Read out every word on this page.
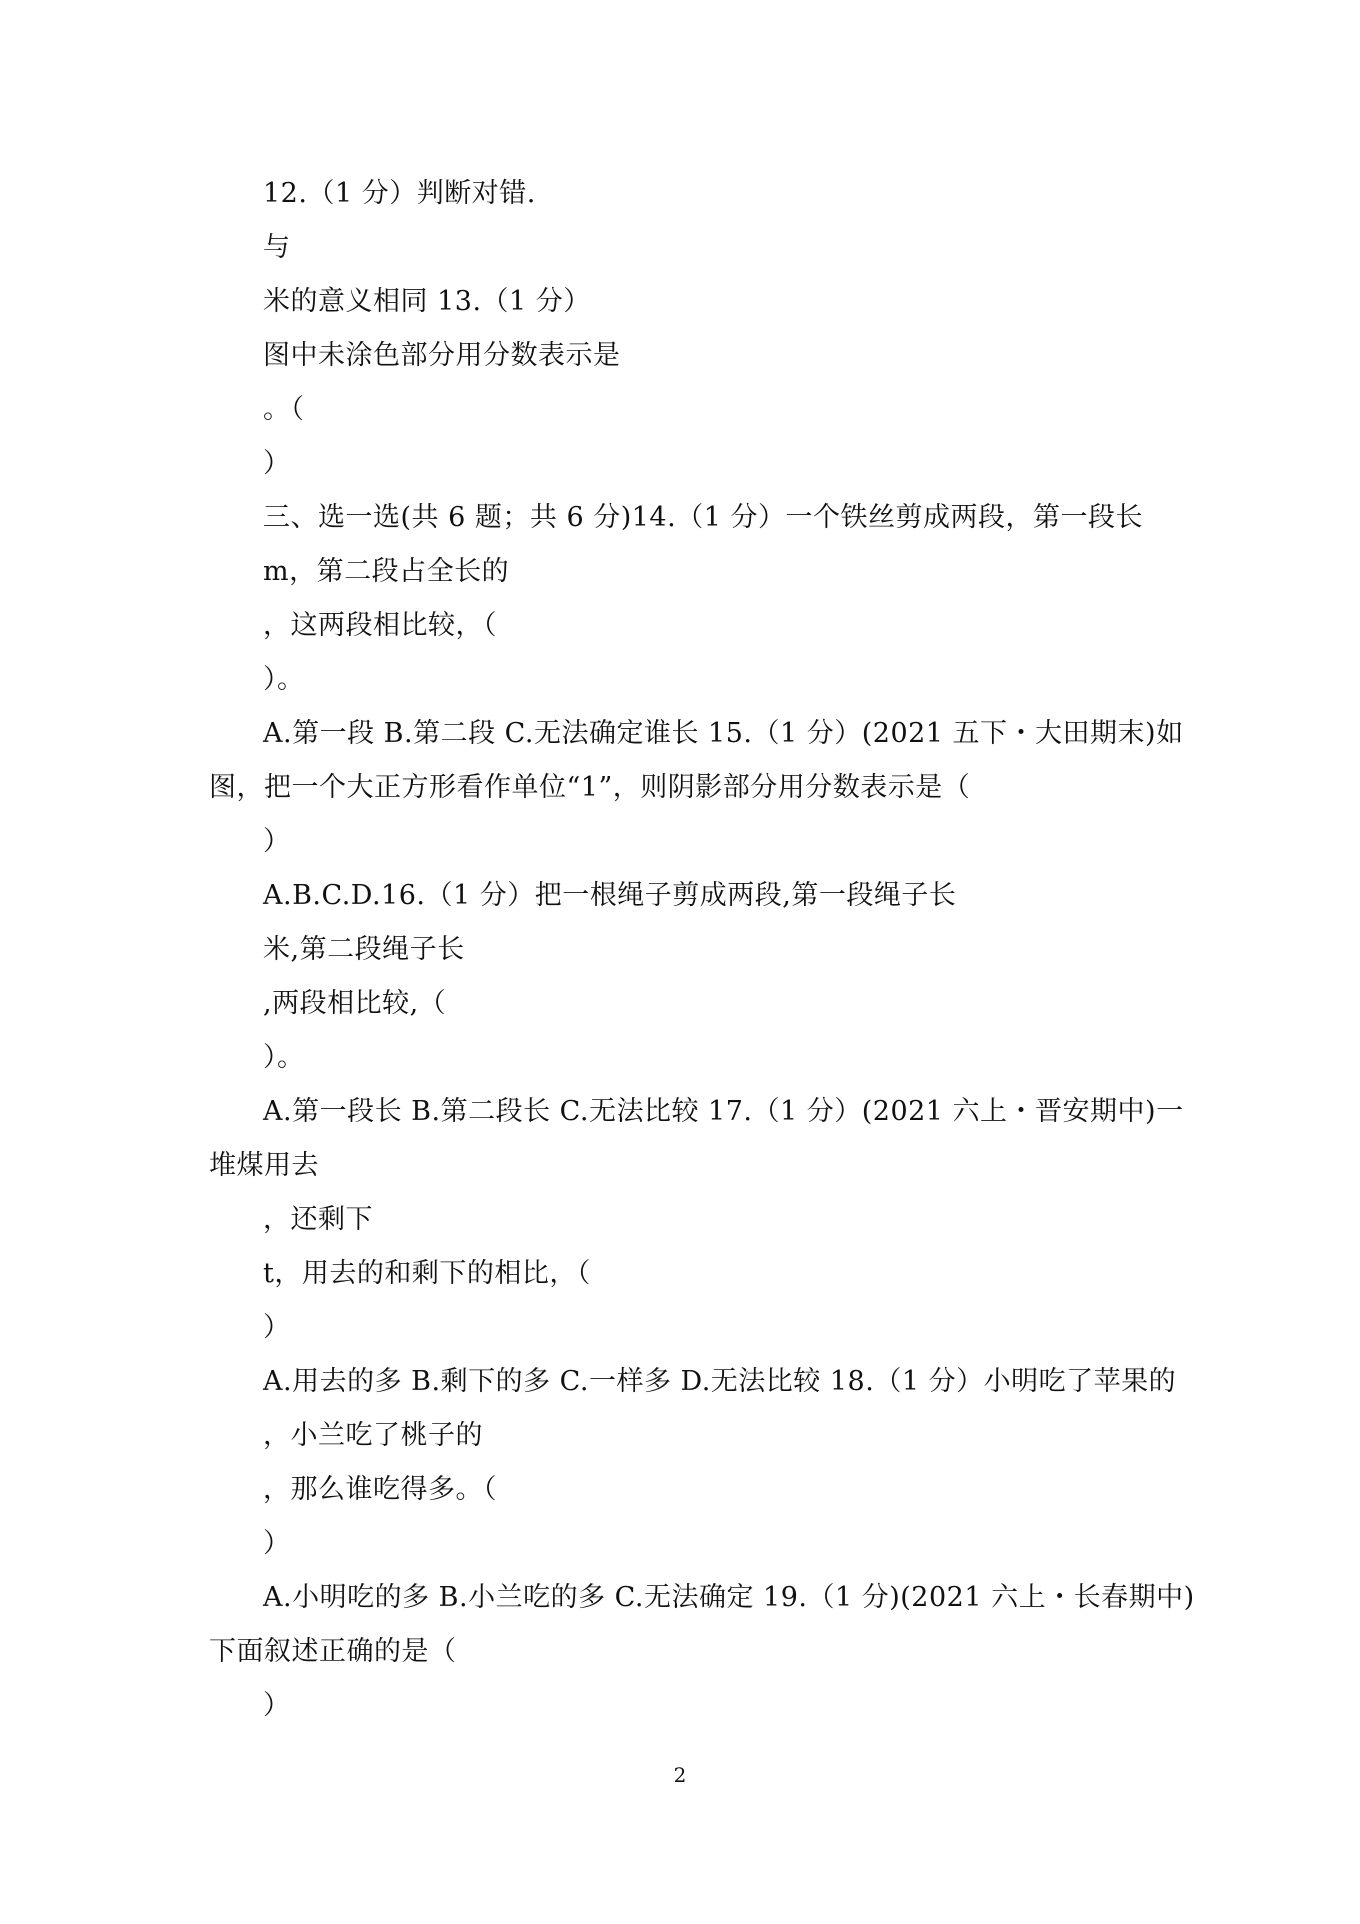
12.（1 分）判断对错.
与
米的意义相同 13.（1 分）
图中未涂色部分用分数表示是
。（
）
三、选一选(共 6 题；共 6 分)14.（1 分）一个铁丝剪成两段，第一段长
m，第二段占全长的
，这两段相比较，（
）。
A.第一段 B.第二段 C.无法确定谁长 15.（1 分）(2021 五下・大田期末)如
图，把一个大正方形看作单位“1”，则阴影部分用分数表示是（
）
A.B.C.D.16.（1 分）把一根绳子剪成两段,第一段绳子长
米,第二段绳子长
,两段相比较,（
）。
A.第一段长 B.第二段长 C.无法比较 17.（1 分）(2021 六上・晋安期中)一
堆煤用去
，还剩下
t，用去的和剩下的相比，（
）
A.用去的多 B.剩下的多 C.一样多 D.无法比较 18.（1 分）小明吃了苹果的
，小兰吃了桃子的
，那么谁吃得多。（
）
A.小明吃的多 B.小兰吃的多 C.无法确定 19.（1 分)(2021 六上・长春期中)
下面叙述正确的是（
）
2
